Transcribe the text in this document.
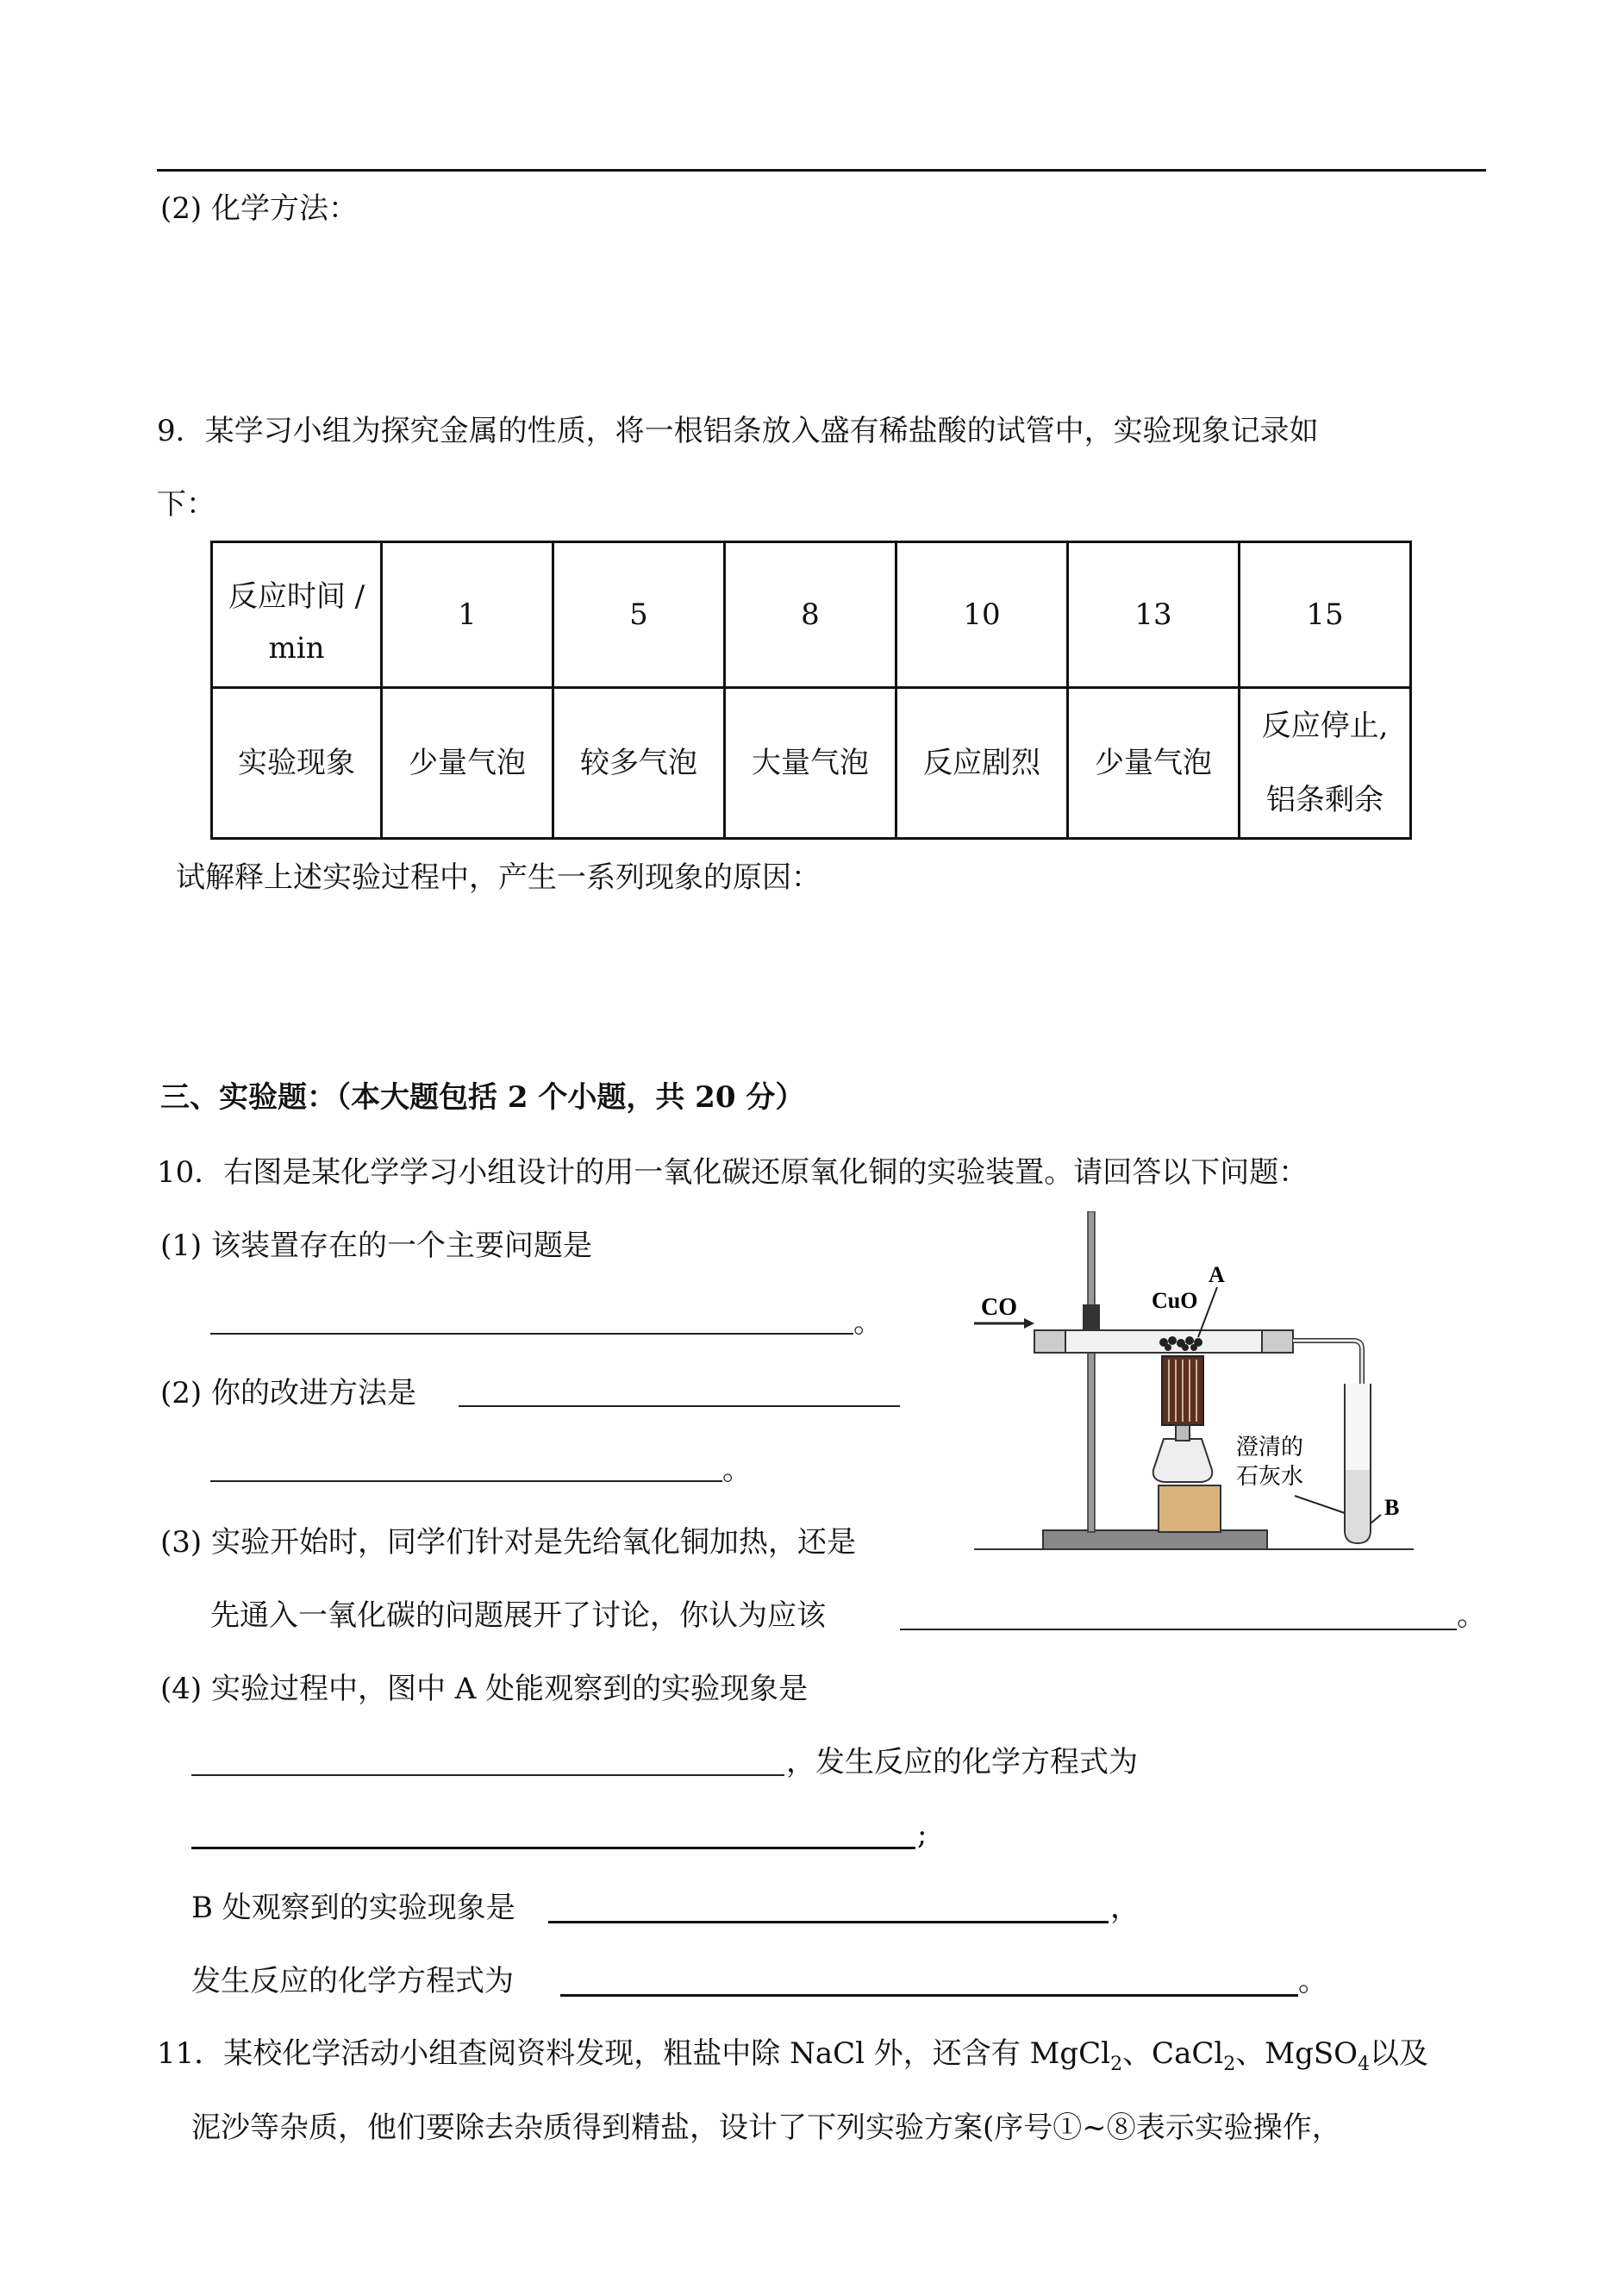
(2) 化学方法：
9．某学习小组为探究金属的性质，将一根铝条放入盛有稀盐酸的试管中，实验现象记录如
下：
反应时间 /
min	1	5	8	10	13	15
实验现象	少量气泡	较多气泡	大量气泡	反应剧烈	少量气泡	反应停止,
铝条剩余
试解释上述实验过程中，产生一系列现象的原因：
三、实验题：（本大题包括 2 个小题，共 20 分）
10．右图是某化学学习小组设计的用一氧化碳还原氧化铜的实验装置。请回答以下问题：
(1) 该装置存在的一个主要问题是
。
(2) 你的改进方法是
。
(3) 实验开始时，同学们针对是先给氧化铜加热，还是
先通入一氧化碳的问题展开了讨论，你认为应该	。
(4) 实验过程中，图中 A 处能观察到的实验现象是
，发生反应的化学方程式为
;
B 处观察到的实验现象是	，
发生反应的化学方程式为	。
11．某校化学活动小组查阅资料发现，粗盐中除 NaCl 外，还含有 MgCl$_2$、CaCl$_2$、MgSO$_4$以及
泥沙等杂质，他们要除去杂质得到精盐，设计了下列实验方案(序号①~⑧表示实验操作，
CO	CuO
A
澄清的
石灰水
B
